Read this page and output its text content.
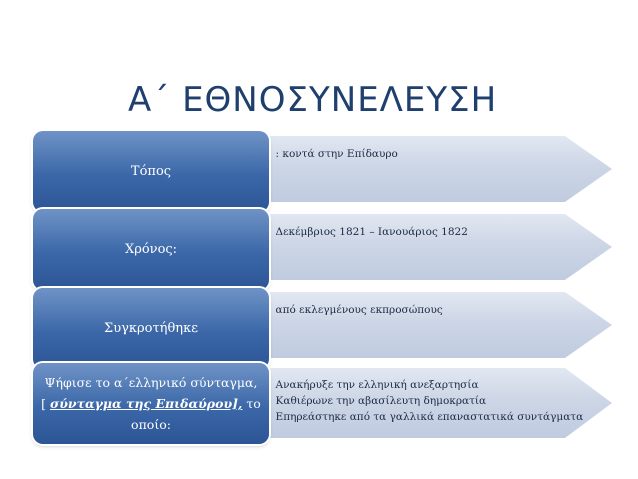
Α΄ ΕΘΝΟΣΥΝΕΛΕΥΣΗ
• : κοντά στην Επίδαυρο
Τόπος
• Δεκέμβριος 1821 – Ιανουάριος 1822
Χρόνος:
• από εκλεγμένους εκπροσώπους
Συγκροτήθηκε
• Ανακήρυξε την ελληνική ανεξαρτησία
• Καθιέρωνε την αβασίλευτη δημοκρατία
• Επηρεάστηκε από τα γαλλικά επαναστατικά συντάγματα
Ψήφισε το α΄ελληνικό σύνταγμα,
[ σύνταγμα της Επιδαύρου], το
οποίο:
